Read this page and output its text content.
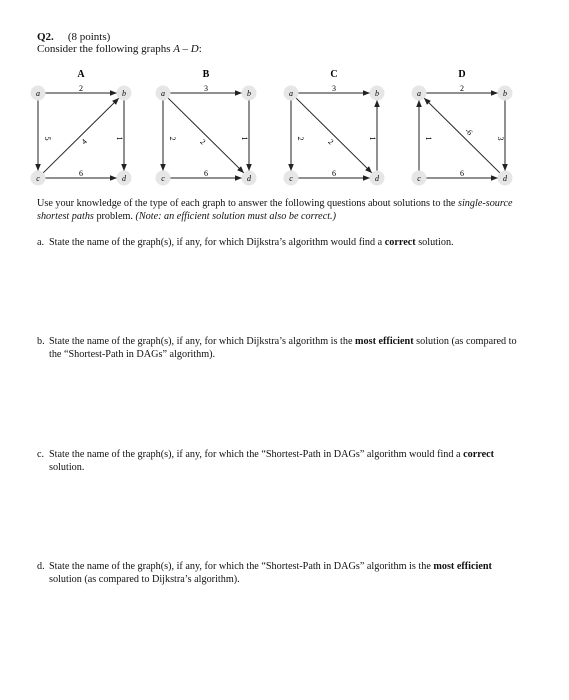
Q2. (8 points)
Consider the following graphs A – D:
A
2
5	4	1
6
a	b
c	d
B
3
2	2	1
6
a	b
c	d
C
3
2	2	1
6
a	b
c	d
D
2
1
-6
3
6
a	b
c	d
Use your knowledge of the type of each graph to answer the following questions about solutions to the single-source shortest paths problem. (Note: an efficient solution must also be correct.)
a. State the name of the graph(s), if any, for which Dijkstra’s algorithm would find a correct solution.
b. State the name of the graph(s), if any, for which Dijkstra’s algorithm is the most efficient solution (as compared to the “Shortest-Path in DAGs” algorithm).
c. State the name of the graph(s), if any, for which the “Shortest-Path in DAGs” algorithm would find a correct solution.
d. State the name of the graph(s), if any, for which the “Shortest-Path in DAGs” algorithm is the most efficient solution (as compared to Dijkstra’s algorithm).
